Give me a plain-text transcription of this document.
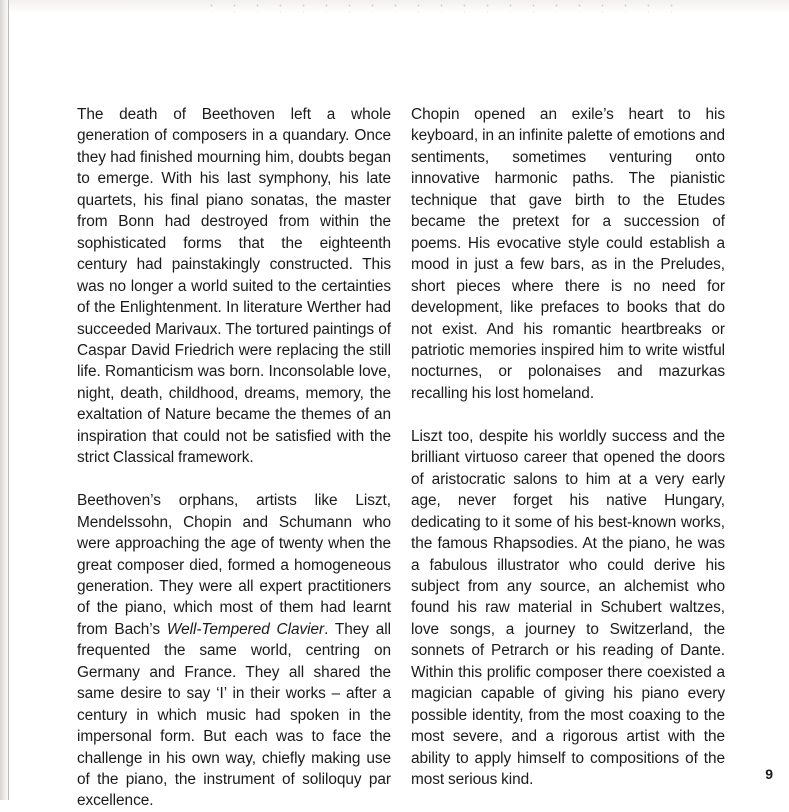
The death of Beethoven left a whole generation of composers in a quandary. Once they had finished mourning him, doubts began to emerge. With his last symphony, his late quartets, his final piano sonatas, the master from Bonn had destroyed from within the sophisticated forms that the eighteenth century had painstakingly constructed. This was no longer a world suited to the certainties of the Enlightenment. In literature Werther had succeeded Marivaux. The tortured paintings of Caspar David Friedrich were replacing the still life. Romanticism was born. Inconsolable love, night, death, childhood, dreams, memory, the exaltation of Nature became the themes of an inspiration that could not be satisfied with the strict Classical framework.

Beethoven’s orphans, artists like Liszt, Mendelssohn, Chopin and Schumann who were approaching the age of twenty when the great composer died, formed a homogeneous generation. They were all expert practitioners of the piano, which most of them had learnt from Bach’s Well-Tempered Clavier. They all frequented the same world, centring on Germany and France. They all shared the same desire to say ‘I’ in their works – after a century in which music had spoken in the impersonal form. But each was to face the challenge in his own way, chiefly making use of the piano, the instrument of soliloquy par excellence.

Chopin opened an exile’s heart to his keyboard, in an infinite palette of emotions and sentiments, sometimes venturing onto innovative harmonic paths. The pianistic technique that gave birth to the Etudes became the pretext for a succession of poems. His evocative style could establish a mood in just a few bars, as in the Preludes, short pieces where there is no need for development, like prefaces to books that do not exist. And his romantic heartbreaks or patriotic memories inspired him to write wistful nocturnes, or polonaises and mazurkas recalling his lost homeland.

Liszt too, despite his worldly success and the brilliant virtuoso career that opened the doors of aristocratic salons to him at a very early age, never forget his native Hungary, dedicating to it some of his best-known works, the famous Rhapsodies. At the piano, he was a fabulous illustrator who could derive his subject from any source, an alchemist who found his raw material in Schubert waltzes, love songs, a journey to Switzerland, the sonnets of Petrarch or his reading of Dante. Within this prolific composer there coexisted a magician capable of giving his piano every possible identity, from the most coaxing to the most severe, and a rigorous artist with the ability to apply himself to compositions of the most serious kind.	9
